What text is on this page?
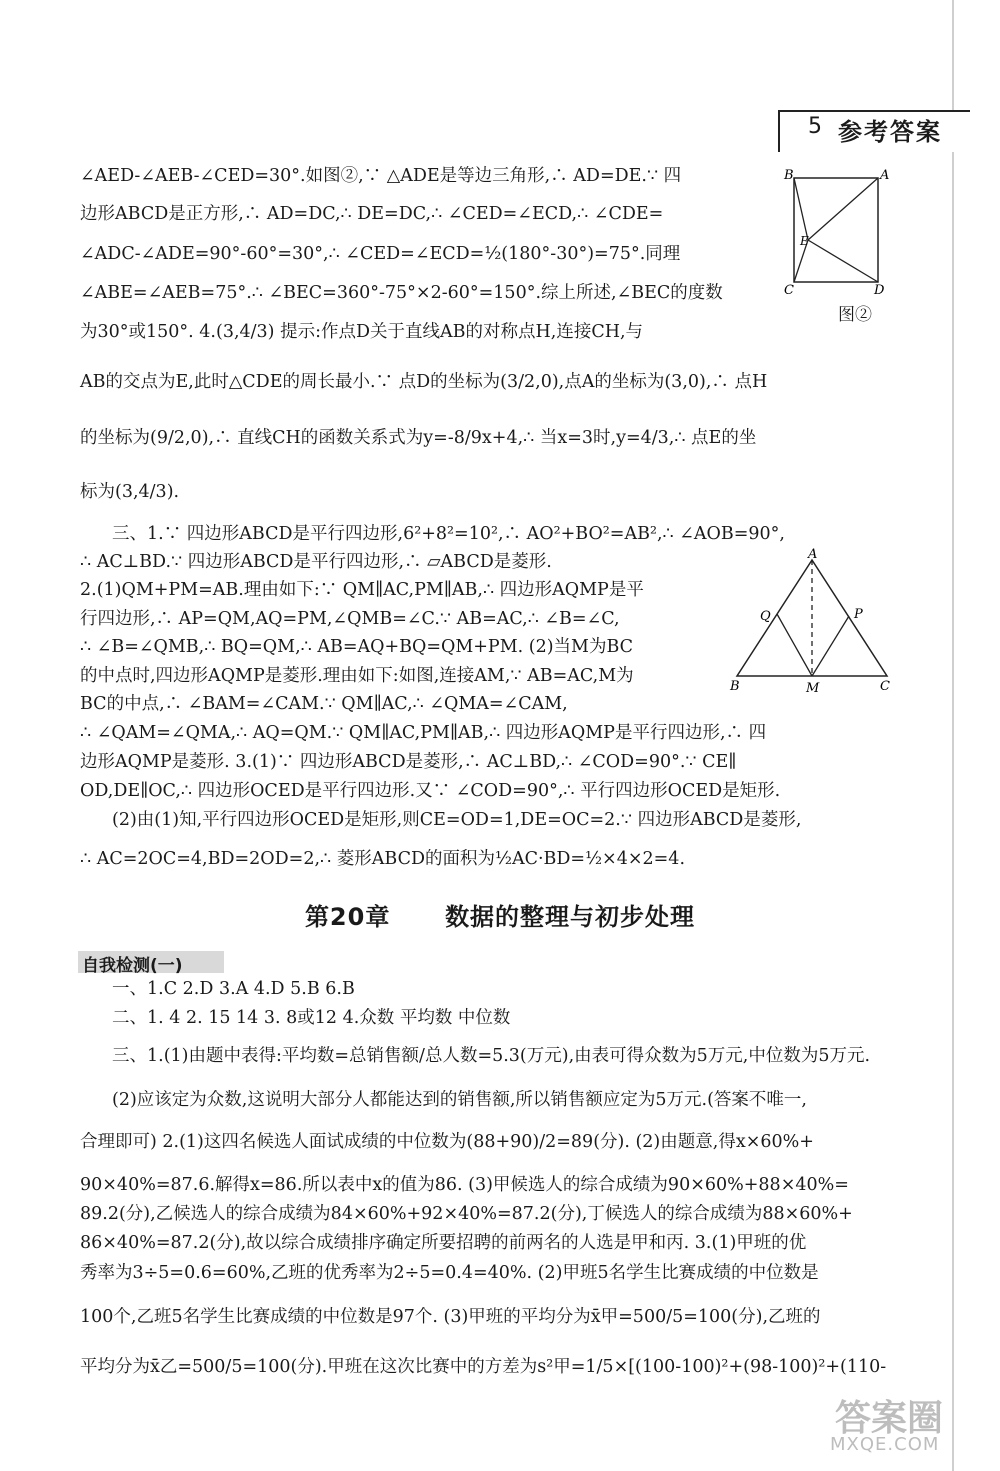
5 参考答案
B	A
E
C	D
图②
A
Q	P
B	M	C
∠AED-∠AEB-∠CED=30°.如图②,∵ △ADE是等边三角形,∴ AD=DE.∵ 四
边形ABCD是正方形,∴ AD=DC,∴ DE=DC,∴ ∠CED=∠ECD,∴ ∠CDE=
∠ADC-∠ADE=90°-60°=30°,∴ ∠CED=∠ECD=½(180°-30°)=75°.同理
∠ABE=∠AEB=75°.∴ ∠BEC=360°-75°×2-60°=150°.综上所述,∠BEC的度数
为30°或150°. 4.(3,4/3) 提示:作点D关于直线AB的对称点H,连接CH,与
AB的交点为E,此时△CDE的周长最小.∵ 点D的坐标为(3/2,0),点A的坐标为(3,0),∴ 点H
的坐标为(9/2,0),∴ 直线CH的函数关系式为y=-8/9x+4,∴ 当x=3时,y=4/3,∴ 点E的坐
标为(3,4/3).
三、1.∵ 四边形ABCD是平行四边形,6²+8²=10²,∴ AO²+BO²=AB²,∴ ∠AOB=90°,
∴ AC⊥BD.∵ 四边形ABCD是平行四边形,∴ ▱ABCD是菱形.
2.(1)QM+PM=AB.理由如下:∵ QM∥AC,PM∥AB,∴ 四边形AQMP是平
行四边形,∴ AP=QM,AQ=PM,∠QMB=∠C.∵ AB=AC,∴ ∠B=∠C,
∴ ∠B=∠QMB,∴ BQ=QM,∴ AB=AQ+BQ=QM+PM. (2)当M为BC
的中点时,四边形AQMP是菱形.理由如下:如图,连接AM,∵ AB=AC,M为
BC的中点,∴ ∠BAM=∠CAM.∵ QM∥AC,∴ ∠QMA=∠CAM,
∴ ∠QAM=∠QMA,∴ AQ=QM.∵ QM∥AC,PM∥AB,∴ 四边形AQMP是平行四边形,∴ 四
边形AQMP是菱形. 3.(1)∵ 四边形ABCD是菱形,∴ AC⊥BD,∴ ∠COD=90°.∵ CE∥
OD,DE∥OC,∴ 四边形OCED是平行四边形.又∵ ∠COD=90°,∴ 平行四边形OCED是矩形.
(2)由(1)知,平行四边形OCED是矩形,则CE=OD=1,DE=OC=2.∵ 四边形ABCD是菱形,
∴ AC=2OC=4,BD=2OD=2,∴ 菱形ABCD的面积为½AC·BD=½×4×2=4.
第20章 数据的整理与初步处理
自我检测(一)
一、1.C 2.D 3.A 4.D 5.B 6.B
二、1. 4 2. 15 14 3. 8或12 4.众数 平均数 中位数
三、1.(1)由题中表得:平均数=总销售额/总人数=5.3(万元),由表可得众数为5万元,中位数为5万元.
(2)应该定为众数,这说明大部分人都能达到的销售额,所以销售额应定为5万元.(答案不唯一,
合理即可) 2.(1)这四名候选人面试成绩的中位数为(88+90)/2=89(分). (2)由题意,得x×60%+
90×40%=87.6.解得x=86.所以表中x的值为86. (3)甲候选人的综合成绩为90×60%+88×40%=
89.2(分),乙候选人的综合成绩为84×60%+92×40%=87.2(分),丁候选人的综合成绩为88×60%+
86×40%=87.2(分),故以综合成绩排序确定所要招聘的前两名的人选是甲和丙. 3.(1)甲班的优
秀率为3÷5=0.6=60%,乙班的优秀率为2÷5=0.4=40%. (2)甲班5名学生比赛成绩的中位数是
100个,乙班5名学生比赛成绩的中位数是97个. (3)甲班的平均分为x̄甲=500/5=100(分),乙班的
平均分为x̄乙=500/5=100(分).甲班在这次比赛中的方差为s²甲=1/5×[(100-100)²+(98-100)²+(110-
答案圈
MXQE.COM
